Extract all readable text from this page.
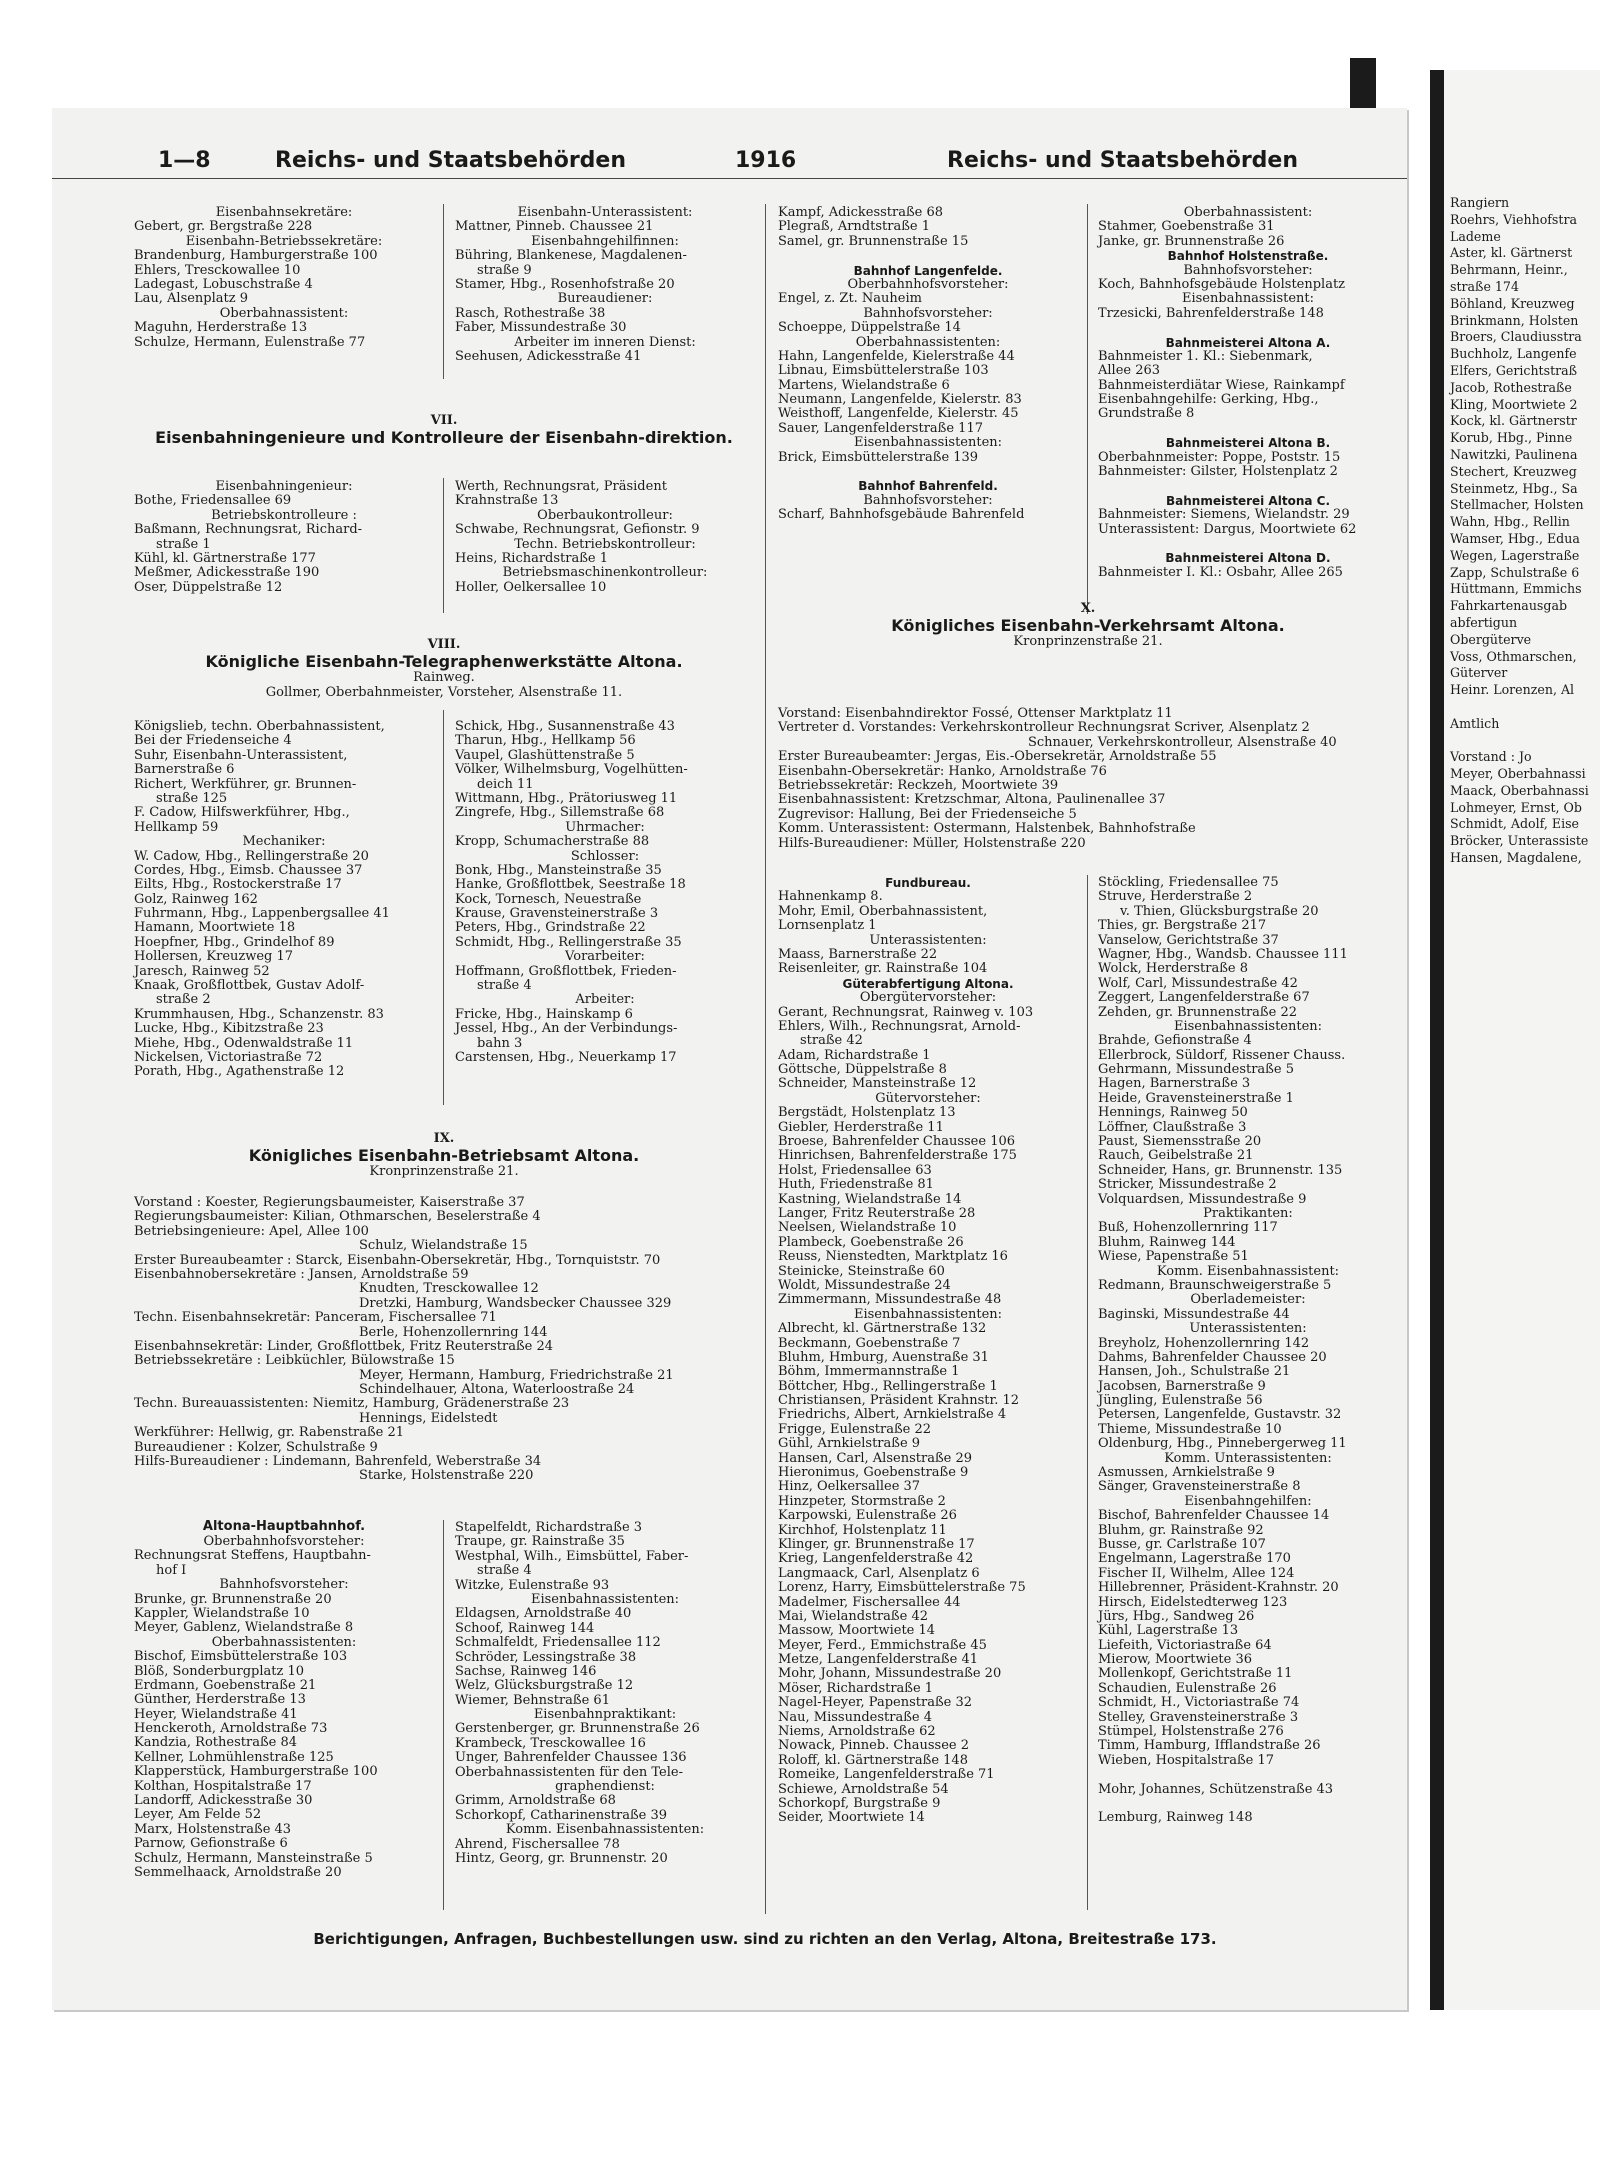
Rangiern
Roehrs, Viehhofstra
Lademe
Aster, kl. Gärtnerst
Behrmann, Heinr.,
straße 174
Böhland, Kreuzweg
Brinkmann, Holsten
Broers, Claudiusstra
Buchholz, Langenfe
Elfers, Gerichtstraß
Jacob, Rothestraße
Kling, Moortwiete 2
Kock, kl. Gärtnerstr
Korub, Hbg., Pinne
Nawitzki, Paulinena
Stechert, Kreuzweg
Steinmetz, Hbg., Sa
Stellmacher, Holsten
Wahn, Hbg., Rellin
Wamser, Hbg., Edua
Wegen, Lagerstraße
Zapp, Schulstraße 6
Hüttmann, Emmichs
Fahrkartenausgab
abfertigun
Obergüterve
Voss, Othmarschen,
Güterver
Heinr. Lorenzen, Al

Amtlich

Vorstand : Jo
Meyer, Oberbahnassi
Maack, Oberbahnassi
Lohmeyer, Ernst, Ob
Schmidt, Adolf, Eise
Bröcker, Unterassiste
Hansen, Magdalene,
1—8	Reichs- und Staatsbehörden	1916	Reichs- und Staatsbehörden
Eisenbahnsekretäre:
Gebert, gr. Bergstraße 228
Eisenbahn-Betriebssekretäre:
Brandenburg, Hamburgerstraße 100
Ehlers, Tresckowallee 10
Ladegast, Lobuschstraße 4
Lau, Alsenplatz 9
Oberbahnassistent:
Maguhn, Herderstraße 13
Schulze, Hermann, Eulenstraße 77
Eisenbahn-Unterassistent:
Mattner, Pinneb. Chaussee 21
Eisenbahngehilfinnen:
Bühring, Blankenese, Magdalenen-
straße 9
Stamer, Hbg., Rosenhofstraße 20
Bureaudiener:
Rasch, Rothestraße 38
Faber, Missundestraße 30
Arbeiter im inneren Dienst:
Seehusen, Adickesstraße 41
VII.
Eisenbahningenieure und Kontrolleure der Eisenbahn-direktion.
Eisenbahningenieur:
Bothe, Friedensallee 69
Betriebskontrolleure :
Baßmann, Rechnungsrat, Richard-
straße 1
Kühl, kl. Gärtnerstraße 177
Meßmer, Adickesstraße 190
Oser, Düppelstraße 12
Werth, Rechnungsrat, Präsident
Krahnstraße 13
Oberbaukontrolleur:
Schwabe, Rechnungsrat, Gefionstr. 9
Techn. Betriebskontrolleur:
Heins, Richardstraße 1
Betriebsmaschinenkontrolleur:
Holler, Oelkersallee 10
VIII.
Königliche Eisenbahn-Telegraphenwerkstätte Altona.
Rainweg.
Gollmer, Oberbahnmeister, Vorsteher, Alsenstraße 11.
Königslieb, techn. Oberbahnassistent,
Bei der Friedenseiche 4
Suhr, Eisenbahn-Unterassistent,
Barnerstraße 6
Richert, Werkführer, gr. Brunnen-
straße 125
F. Cadow, Hilfswerkführer, Hbg.,
Hellkamp 59
Mechaniker:
W. Cadow, Hbg., Rellingerstraße 20
Cordes, Hbg., Eimsb. Chaussee 37
Eilts, Hbg., Rostockerstraße 17
Golz, Rainweg 162
Fuhrmann, Hbg., Lappenbergsallee 41
Hamann, Moortwiete 18
Hoepfner, Hbg., Grindelhof 89
Hollersen, Kreuzweg 17
Jaresch, Rainweg 52
Knaak, Großflottbek, Gustav Adolf-
straße 2
Krummhausen, Hbg., Schanzenstr. 83
Lucke, Hbg., Kibitzstraße 23
Miehe, Hbg., Odenwaldstraße 11
Nickelsen, Victoriastraße 72
Porath, Hbg., Agathenstraße 12
Schick, Hbg., Susannenstraße 43
Tharun, Hbg., Hellkamp 56
Vaupel, Glashüttenstraße 5
Völker, Wilhelmsburg, Vogelhütten-
deich 11
Wittmann, Hbg., Prätoriusweg 11
Zingrefe, Hbg., Sillemstraße 68
Uhrmacher:
Kropp, Schumacherstraße 88
Schlosser:
Bonk, Hbg., Mansteinstraße 35
Hanke, Großflottbek, Seestraße 18
Kock, Tornesch, Neuestraße
Krause, Gravensteinerstraße 3
Peters, Hbg., Grindstraße 22
Schmidt, Hbg., Rellingerstraße 35
Vorarbeiter:
Hoffmann, Großflottbek, Frieden-
straße 4
Arbeiter:
Fricke, Hbg., Hainskamp 6
Jessel, Hbg., An der Verbindungs-
bahn 3
Carstensen, Hbg., Neuerkamp 17
IX.
Königliches Eisenbahn-Betriebsamt Altona.
Kronprinzenstraße 21.
Vorstand : Koester, Regierungsbaumeister, Kaiserstraße 37
Regierungsbaumeister: Kilian, Othmarschen, Beselerstraße 4
Betriebsingenieure: Apel, Allee 100
Schulz, Wielandstraße 15
Erster Bureaubeamter : Starck, Eisenbahn-Obersekretär, Hbg., Tornquiststr. 70
Eisenbahnobersekretäre : Jansen, Arnoldstraße 59
Knudten, Tresckowallee 12
Dretzki, Hamburg, Wandsbecker Chaussee 329
Techn. Eisenbahnsekretär: Panceram, Fischersallee 71
Berle, Hohenzollernring 144
Eisenbahnsekretär: Linder, Großflottbek, Fritz Reuterstraße 24
Betriebssekretäre : Leibküchler, Bülowstraße 15
Meyer, Hermann, Hamburg, Friedrichstraße 21
Schindelhauer, Altona, Waterloostraße 24
Techn. Bureauassistenten: Niemitz, Hamburg, Grädenerstraße 23
Hennings, Eidelstedt
Werkführer: Hellwig, gr. Rabenstraße 21
Bureaudiener : Kolzer, Schulstraße 9
Hilfs-Bureaudiener : Lindemann, Bahrenfeld, Weberstraße 34
Starke, Holstenstraße 220
Altona-Hauptbahnhof.
Oberbahnhofsvorsteher:
Rechnungsrat Steffens, Hauptbahn-
hof I
Bahnhofsvorsteher:
Brunke, gr. Brunnenstraße 20
Kappler, Wielandstraße 10
Meyer, Gablenz, Wielandstraße 8
Oberbahnassistenten:
Bischof, Eimsbüttelerstraße 103
Blöß, Sonderburgplatz 10
Erdmann, Goebenstraße 21
Günther, Herderstraße 13
Heyer, Wielandstraße 41
Henckeroth, Arnoldstraße 73
Kandzia, Rothestraße 84
Kellner, Lohmühlenstraße 125
Klapperstück, Hamburgerstraße 100
Kolthan, Hospitalstraße 17
Landorff, Adickesstraße 30
Leyer, Am Felde 52
Marx, Holstenstraße 43
Parnow, Gefionstraße 6
Schulz, Hermann, Mansteinstraße 5
Semmelhaack, Arnoldstraße 20
Stapelfeldt, Richardstraße 3
Traupe, gr. Rainstraße 35
Westphal, Wilh., Eimsbüttel, Faber-
straße 4
Witzke, Eulenstraße 93
Eisenbahnassistenten:
Eldagsen, Arnoldstraße 40
Schoof, Rainweg 144
Schmalfeldt, Friedensallee 112
Schröder, Lessingstraße 38
Sachse, Rainweg 146
Welz, Glücksburgstraße 12
Wiemer, Behnstraße 61
Eisenbahnpraktikant:
Gerstenberger, gr. Brunnenstraße 26
Krambeck, Tresckowallee 16
Unger, Bahrenfelder Chaussee 136
Oberbahnassistenten für den Tele-
graphendienst:
Grimm, Arnoldstraße 68
Schorkopf, Catharinenstraße 39
Komm. Eisenbahnassistenten:
Ahrend, Fischersallee 78
Hintz, Georg, gr. Brunnenstr. 20
Kampf, Adickesstraße 68
Plegraß, Arndtstraße 1
Samel, gr. Brunnenstraße 15

Bahnhof Langenfelde.
Oberbahnhofsvorsteher:
Engel, z. Zt. Nauheim
Bahnhofsvorsteher:
Schoeppe, Düppelstraße 14
Oberbahnassistenten:
Hahn, Langenfelde, Kielerstraße 44
Libnau, Eimsbüttelerstraße 103
Martens, Wielandstraße 6
Neumann, Langenfelde, Kielerstr. 83
Weisthoff, Langenfelde, Kielerstr. 45
Sauer, Langenfelderstraße 117
Eisenbahnassistenten:
Brick, Eimsbüttelerstraße 139

Bahnhof Bahrenfeld.
Bahnhofsvorsteher:
Scharf, Bahnhofsgebäude Bahrenfeld
Oberbahnassistent:
Stahmer, Goebenstraße 31
Janke, gr. Brunnenstraße 26
Bahnhof Holstenstraße.
Bahnhofsvorsteher:
Koch, Bahnhofsgebäude Holstenplatz
Eisenbahnassistent:
Trzesicki, Bahrenfelderstraße 148

Bahnmeisterei Altona A.
Bahnmeister 1. Kl.: Siebenmark,
Allee 263
Bahnmeisterdiätar Wiese, Rainkampf
Eisenbahngehilfe: Gerking, Hbg.,
Grundstraße 8

Bahnmeisterei Altona B.
Oberbahnmeister: Poppe, Poststr. 15
Bahnmeister: Gilster, Holstenplatz 2

Bahnmeisterei Altona C.
Bahnmeister: Siemens, Wielandstr. 29
Unterassistent: Dargus, Moortwiete 62

Bahnmeisterei Altona D.
Bahnmeister I. Kl.: Osbahr, Allee 265
X.
Königliches Eisenbahn-Verkehrsamt Altona.
Kronprinzenstraße 21.
Vorstand: Eisenbahndirektor Fossé, Ottenser Marktplatz 11
Vertreter d. Vorstandes: Verkehrskontrolleur Rechnungsrat Scriver, Alsenplatz 2
Schnauer, Verkehrskontrolleur, Alsenstraße 40
Erster Bureaubeamter: Jergas, Eis.-Obersekretär, Arnoldstraße 55
Eisenbahn-Obersekretär: Hanko, Arnoldstraße 76
Betriebssekretär: Reckzeh, Moortwiete 39
Eisenbahnassistent: Kretzschmar, Altona, Paulinenallee 37
Zugrevisor: Hallung, Bei der Friedenseiche 5
Komm. Unterassistent: Ostermann, Halstenbek, Bahnhofstraße
Hilfs-Bureaudiener: Müller, Holstenstraße 220
Fundbureau.
Hahnenkamp 8.
Mohr, Emil, Oberbahnassistent,
Lornsenplatz 1
Unterassistenten:
Maass, Barnerstraße 22
Reisenleiter, gr. Rainstraße 104
Güterabfertigung Altona.
Obergütervorsteher:
Gerant, Rechnungsrat, Rainweg v. 103
Ehlers, Wilh., Rechnungsrat, Arnold-
straße 42
Adam, Richardstraße 1
Göttsche, Düppelstraße 8
Schneider, Mansteinstraße 12
Gütervorsteher:
Bergstädt, Holstenplatz 13
Giebler, Herderstraße 11
Broese, Bahrenfelder Chaussee 106
Hinrichsen, Bahrenfelderstraße 175
Holst, Friedensallee 63
Huth, Friedenstraße 81
Kastning, Wielandstraße 14
Langer, Fritz Reuterstraße 28
Neelsen, Wielandstraße 10
Plambeck, Goebenstraße 26
Reuss, Nienstedten, Marktplatz 16
Steinicke, Steinstraße 60
Woldt, Missundestraße 24
Zimmermann, Missundestraße 48
Eisenbahnassistenten:
Albrecht, kl. Gärtnerstraße 132
Beckmann, Goebenstraße 7
Bluhm, Hmburg, Auenstraße 31
Böhm, Immermannstraße 1
Böttcher, Hbg., Rellingerstraße 1
Christiansen, Präsident Krahnstr. 12
Friedrichs, Albert, Arnkielstraße 4
Frigge, Eulenstraße 22
Gühl, Arnkielstraße 9
Hansen, Carl, Alsenstraße 29
Hieronimus, Goebenstraße 9
Hinz, Oelkersallee 37
Hinzpeter, Stormstraße 2
Karpowski, Eulenstraße 26
Kirchhof, Holstenplatz 11
Klinger, gr. Brunnenstraße 17
Krieg, Langenfelderstraße 42
Langmaack, Carl, Alsenplatz 6
Lorenz, Harry, Eimsbüttelerstraße 75
Madelmer, Fischersallee 44
Mai, Wielandstraße 42
Massow, Moortwiete 14
Meyer, Ferd., Emmichstraße 45
Metze, Langenfelderstraße 41
Mohr, Johann, Missundestraße 20
Möser, Richardstraße 1
Nagel-Heyer, Papenstraße 32
Nau, Missundestraße 4
Niems, Arnoldstraße 62
Nowack, Pinneb. Chaussee 2
Roloff, kl. Gärtnerstraße 148
Romeike, Langenfelderstraße 71
Schiewe, Arnoldstraße 54
Schorkopf, Burgstraße 9
Seider, Moortwiete 14
Stöckling, Friedensallee 75
Struve, Herderstraße 2
v. Thien, Glücksburgstraße 20
Thies, gr. Bergstraße 217
Vanselow, Gerichtstraße 37
Wagner, Hbg., Wandsb. Chaussee 111
Wolck, Herderstraße 8
Wolf, Carl, Missundestraße 42
Zeggert, Langenfelderstraße 67
Zehden, gr. Brunnenstraße 22
Eisenbahnassistenten:
Brahde, Gefionstraße 4
Ellerbrock, Süldorf, Rissener Chauss.
Gehrmann, Missundestraße 5
Hagen, Barnerstraße 3
Heide, Gravensteinerstraße 1
Hennings, Rainweg 50
Löffner, Claußstraße 3
Paust, Siemensstraße 20
Rauch, Geibelstraße 21
Schneider, Hans, gr. Brunnenstr. 135
Stricker, Missundestraße 2
Volquardsen, Missundestraße 9
Praktikanten:
Buß, Hohenzollernring 117
Bluhm, Rainweg 144
Wiese, Papenstraße 51
Komm. Eisenbahnassistent:
Redmann, Braunschweigerstraße 5
Oberlademeister:
Baginski, Missundestraße 44
Unterassistenten:
Breyholz, Hohenzollernring 142
Dahms, Bahrenfelder Chaussee 20
Hansen, Joh., Schulstraße 21
Jacobsen, Barnerstraße 9
Jüngling, Eulenstraße 56
Petersen, Langenfelde, Gustavstr. 32
Thieme, Missundestraße 10
Oldenburg, Hbg., Pinnebergerweg 11
Komm. Unterassistenten:
Asmussen, Arnkielstraße 9
Sänger, Gravensteinerstraße 8
Eisenbahngehilfen:
Bischof, Bahrenfelder Chaussee 14
Bluhm, gr. Rainstraße 92
Busse, gr. Carlstraße 107
Engelmann, Lagerstraße 170
Fischer II, Wilhelm, Allee 124
Hillebrenner, Präsident-Krahnstr. 20
Hirsch, Eidelstedterweg 123
Jürs, Hbg., Sandweg 26
Kühl, Lagerstraße 13
Liefeith, Victoriastraße 64
Mierow, Moortwiete 36
Mollenkopf, Gerichtstraße 11
Schaudien, Eulenstraße 26
Schmidt, H., Victoriastraße 74
Stelley, Gravensteinerstraße 3
Stümpel, Holstenstraße 276
Timm, Hamburg, Ifflandstraße 26
Wieben, Hospitalstraße 17

Mohr, Johannes, Schützenstraße 43

Lemburg, Rainweg 148
Berichtigungen, Anfragen, Buchbestellungen usw. sind zu richten an den Verlag, Altona, Breitestraße 173.
